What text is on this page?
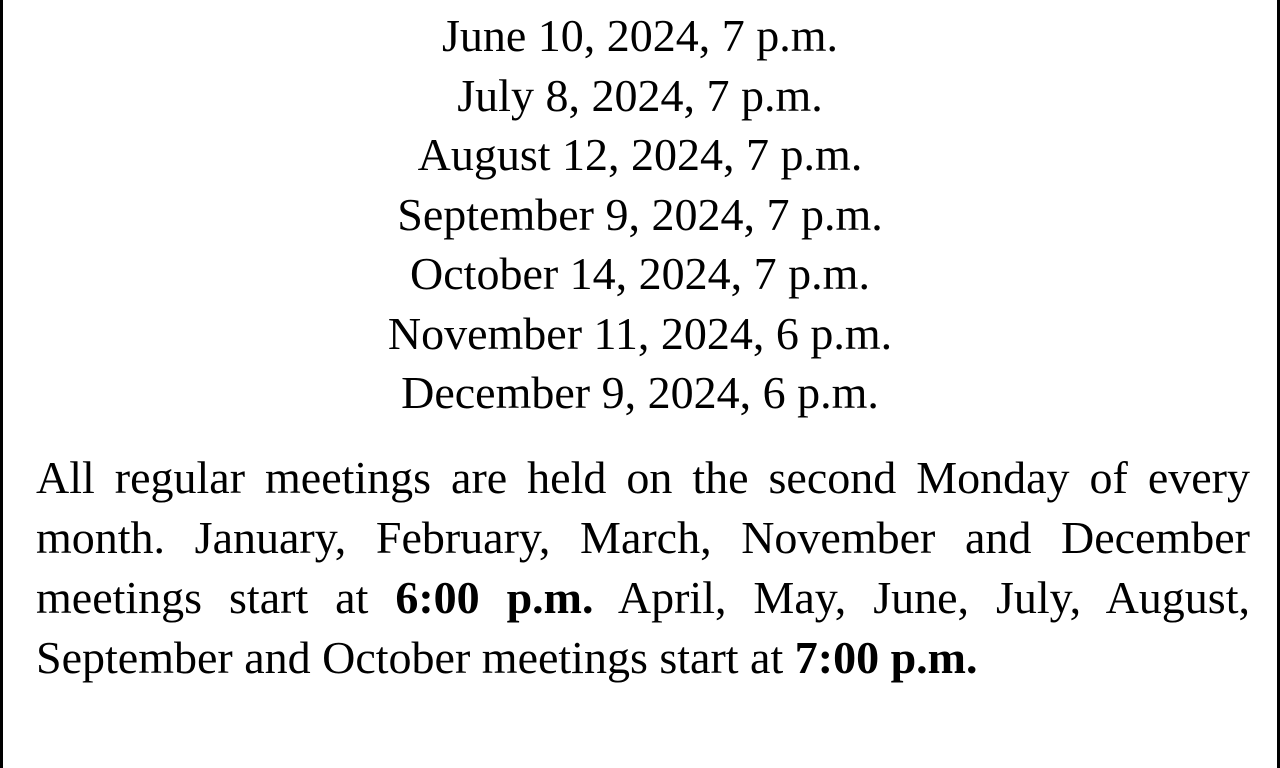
June 10, 2024, 7 p.m.
July 8, 2024, 7 p.m.
August 12, 2024, 7 p.m.
September 9, 2024, 7 p.m.
October 14, 2024, 7 p.m.
November 11, 2024, 6 p.m.
December 9, 2024, 6 p.m.

All regular meetings are held on the second Monday of every month. January, February, March, November and December meetings start at 6:00 p.m. April, May, June, July, August, September and October meetings start at 7:00 p.m.
